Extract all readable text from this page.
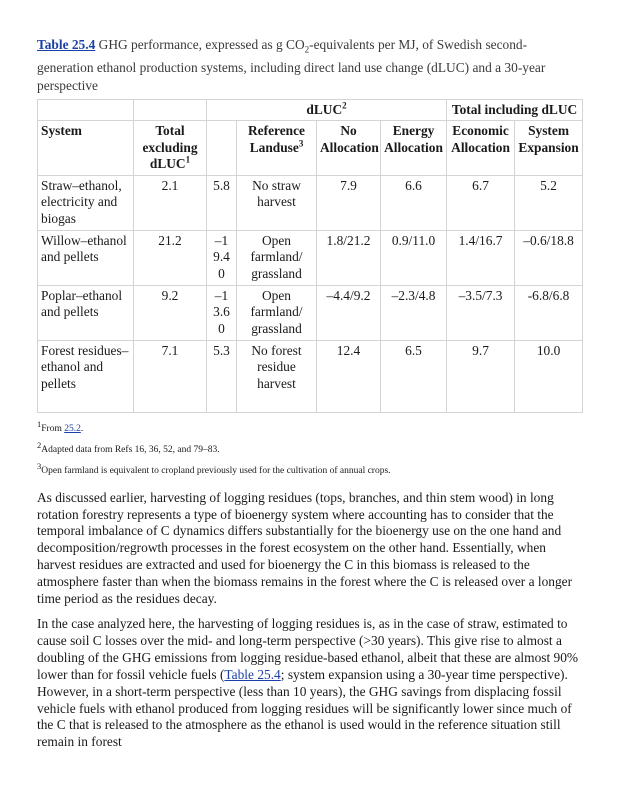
Table 25.4 GHG performance, expressed as g $CO_2$-equivalents per MJ, of Swedish second-generation ethanol production systems, including direct land use change (dLUC) and a 30-year perspective

		dLUC$^2$				Total including dLUC	
System	Total excluding dLUC$^1$		Reference Landuse$^3$	No Allocation	Energy Allocation	Economic Allocation	System Expansion
Straw–ethanol, electricity and biogas	2.1	5.8	No straw harvest	7.9	6.6	6.7	5.2
Willow–ethanol and pellets	21.2	–19.40	Open farmland/ grassland	1.8/21.2	0.9/11.0	1.4/16.7	–0.6/18.8
Poplar–ethanol and pellets	9.2	–13.60	Open farmland/ grassland	–4.4/9.2	–2.3/4.8	–3.5/7.3	-6.8/6.8
Forest residues–ethanol and pellets	7.1	5.3	No forest residue harvest	12.4	6.5	9.7	10.0

$^1$From 25.2.

$^2$Adapted data from Refs 16, 36, 52, and 79–83.

$^3$Open farmland is equivalent to cropland previously used for the cultivation of annual crops.

As discussed earlier, harvesting of logging residues (tops, branches, and thin stem wood) in long rotation forestry represents a type of bioenergy system where accounting has to consider that the temporal imbalance of C dynamics differs substantially for the bioenergy use on the one hand and decomposition/regrowth processes in the forest ecosystem on the other hand. Essentially, when harvest residues are extracted and used for bioenergy the C in this biomass is released to the atmosphere faster than when the biomass remains in the forest where the C is released over a longer time period as the residues decay.

In the case analyzed here, the harvesting of logging residues is, as in the case of straw, estimated to cause soil C losses over the mid- and long-term perspective (>30 years). This give rise to almost a doubling of the GHG emissions from logging residue-based ethanol, albeit that these are almost 90% lower than for fossil vehicle fuels (Table 25.4; system expansion using a 30-year time perspective). However, in a short-term perspective (less than 10 years), the GHG savings from displacing fossil vehicle fuels with ethanol produced from logging residues will be significantly lower since much of the C that is released to the atmosphere as the ethanol is used would in the reference situation still remain in forest
